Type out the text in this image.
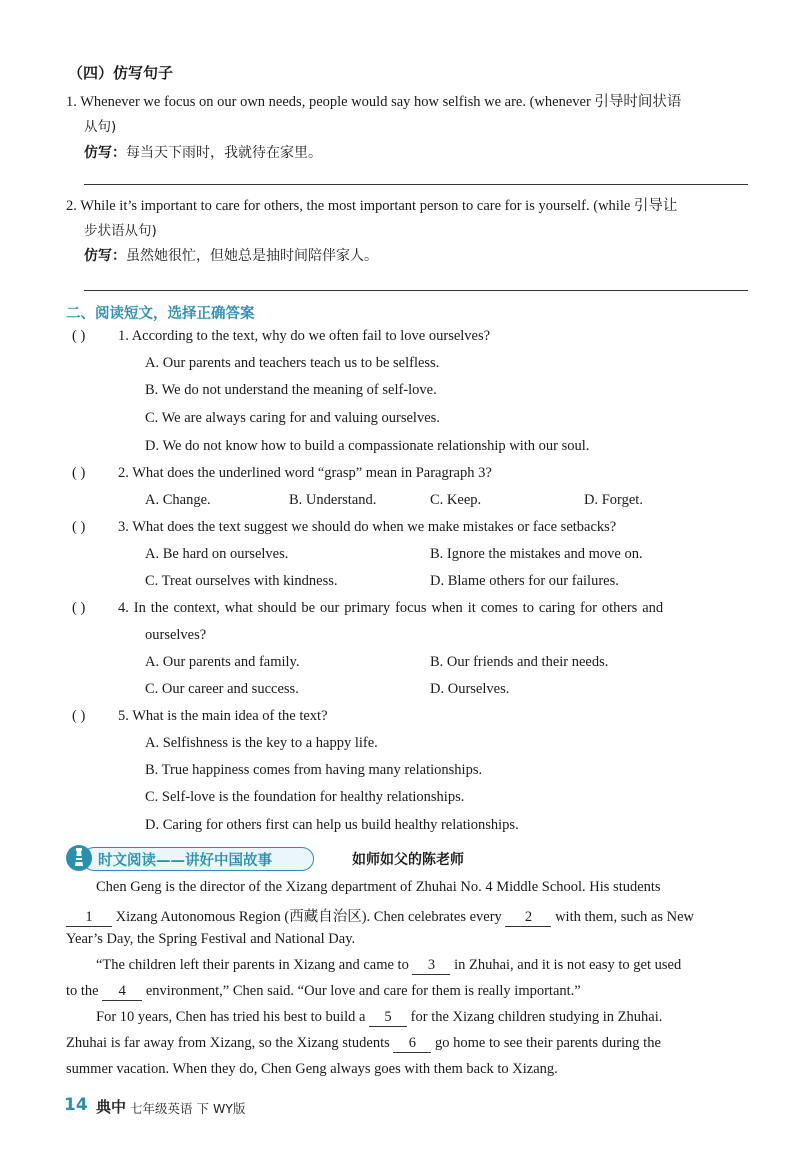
（四）仿写句子
1. Whenever we focus on our own needs, people would say how selfish we are. (whenever 引导时间状语
从句)
仿写：每当天下雨时，我就待在家里。
2. While it’s important to care for others, the most important person to care for is yourself. (while 引导让
步状语从句)
仿写：虽然她很忙，但她总是抽时间陪伴家人。
二、阅读短文，选择正确答案
( ) 1. According to the text, why do we often fail to love ourselves?
A. Our parents and teachers teach us to be selfless.
B. We do not understand the meaning of self-love.
C. We are always caring for and valuing ourselves.
D. We do not know how to build a compassionate relationship with our soul.
( ) 2. What does the underlined word “grasp” mean in Paragraph 3?
A. Change.	B. Understand.	C. Keep.	D. Forget.
( ) 3. What does the text suggest we should do when we make mistakes or face setbacks?
A. Be hard on ourselves.	B. Ignore the mistakes and move on.
C. Treat ourselves with kindness.	D. Blame others for our failures.
( ) 4. In the context, what should be our primary focus when it comes to caring for others and
ourselves?
A. Our parents and family.	B. Our friends and their needs.
C. Our career and success.	D. Ourselves.
( ) 5. What is the main idea of the text?
A. Selfishness is the key to a happy life.
B. True happiness comes from having many relationships.
C. Self-love is the foundation for healthy relationships.
D. Caring for others first can help us build healthy relationships.
时文阅读——讲好中国故事	如师如父的陈老师
Chen Geng is the director of the Xizang department of Zhuhai No. 4 Middle School. His students
1 Xizang Autonomous Region (西藏自治区). Chen celebrates every 2 with them, such as New
Year’s Day, the Spring Festival and National Day.
“The children left their parents in Xizang and came to 3 in Zhuhai, and it is not easy to get used
to the 4 environment,” Chen said. “Our love and care for them is really important.”
For 10 years, Chen has tried his best to build a 5 for the Xizang children studying in Zhuhai.
Zhuhai is far away from Xizang, so the Xizang students 6 go home to see their parents during the
summer vacation. When they do, Chen Geng always goes with them back to Xizang.
14 典中 七年级英语 下 WY版
